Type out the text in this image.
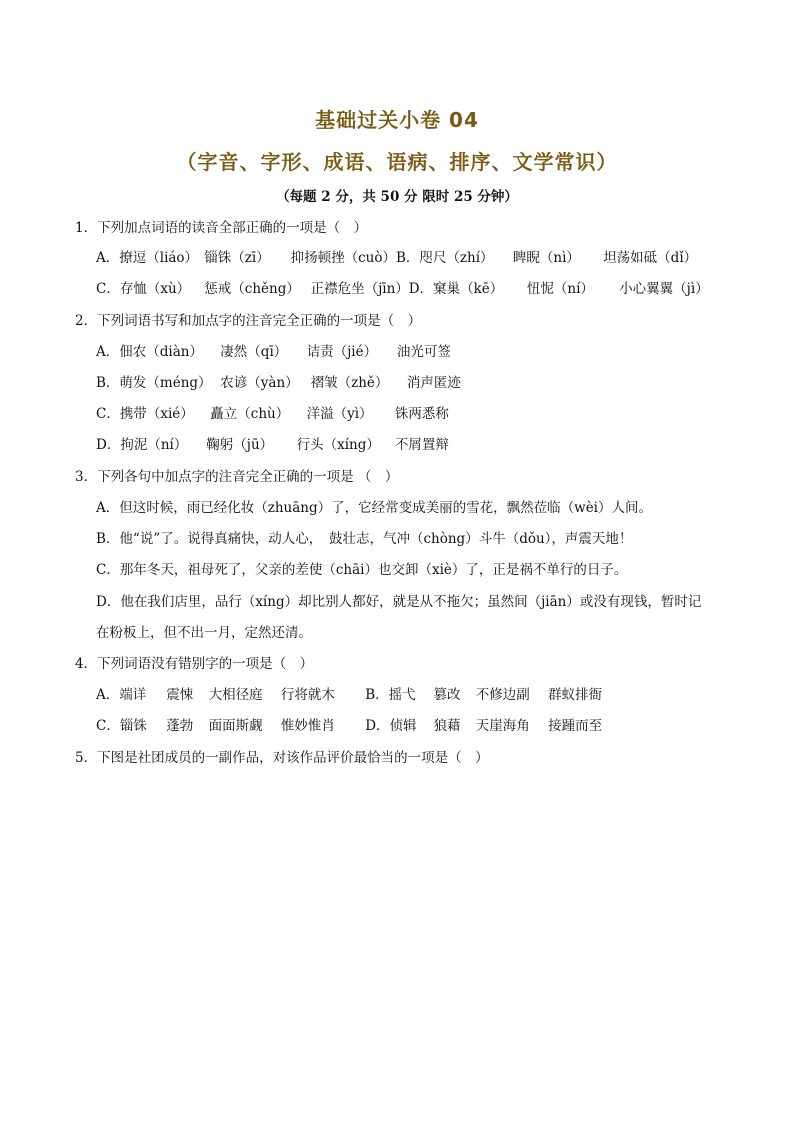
基础过关小卷 04
（字音、字形、成语、语病、排序、文学常识）
（每题 2 分，共 50 分 限时 25 分钟）
1．下列加点词语的读音全部正确的一项是（　）
A．撩逗（liáo） 锱铢（zī） 抑扬顿挫（cuò）B．咫尺（zhí） 睥睨（nì） 坦荡如砥（dǐ）
C．存恤（xù） 惩戒（chěng） 正襟危坐（jīn）D．窠巢（kē） 忸怩（ní） 小心翼翼（jì）
2．下列词语书写和加点字的注音完全正确的一项是（　）
A．佃农（diàn） 凄然（qī） 诘责（jié） 油光可签
B．萌发（méng） 农谚（yàn） 褶皱（zhě） 消声匿迹
C．携带（xié） 矗立（chù） 洋溢（yì） 铢两悉称
D．拘泥（ní） 鞠躬（jū） 行头（xíng） 不屑置辩
3．下列各句中加点字的注音完全正确的一项是 （　）
A．但这时候，雨已经化妆（zhuāng）了，它经常变成美丽的雪花，飘然莅临（wèi）人间。
B．他“说”了。说得真痛快，动人心，　鼓壮志，气冲（chòng）斗牛（dǒu），声震天地！
C．那年冬天，祖母死了，父亲的差使（chāi）也交卸（xiè）了，正是祸不单行的日子。
D．他在我们店里，品行（xíng）却比别人都好，就是从不拖欠；虽然间（jiān）或没有现钱，暂时记
在粉板上，但不出一月，定然还清。
4．下列词语没有错别字的一项是（　）
A．端详 震悚 大相径庭 行将就木 B．摇弋 篡改 不修边副 群蚁排衙
C．锱铢 蓬勃 面面斯觑 惟妙惟肖 D．侦辑 狼藉 天崖海角 接踵而至
5．下图是社团成员的一副作品，对该作品评价最恰当的一项是（　）
